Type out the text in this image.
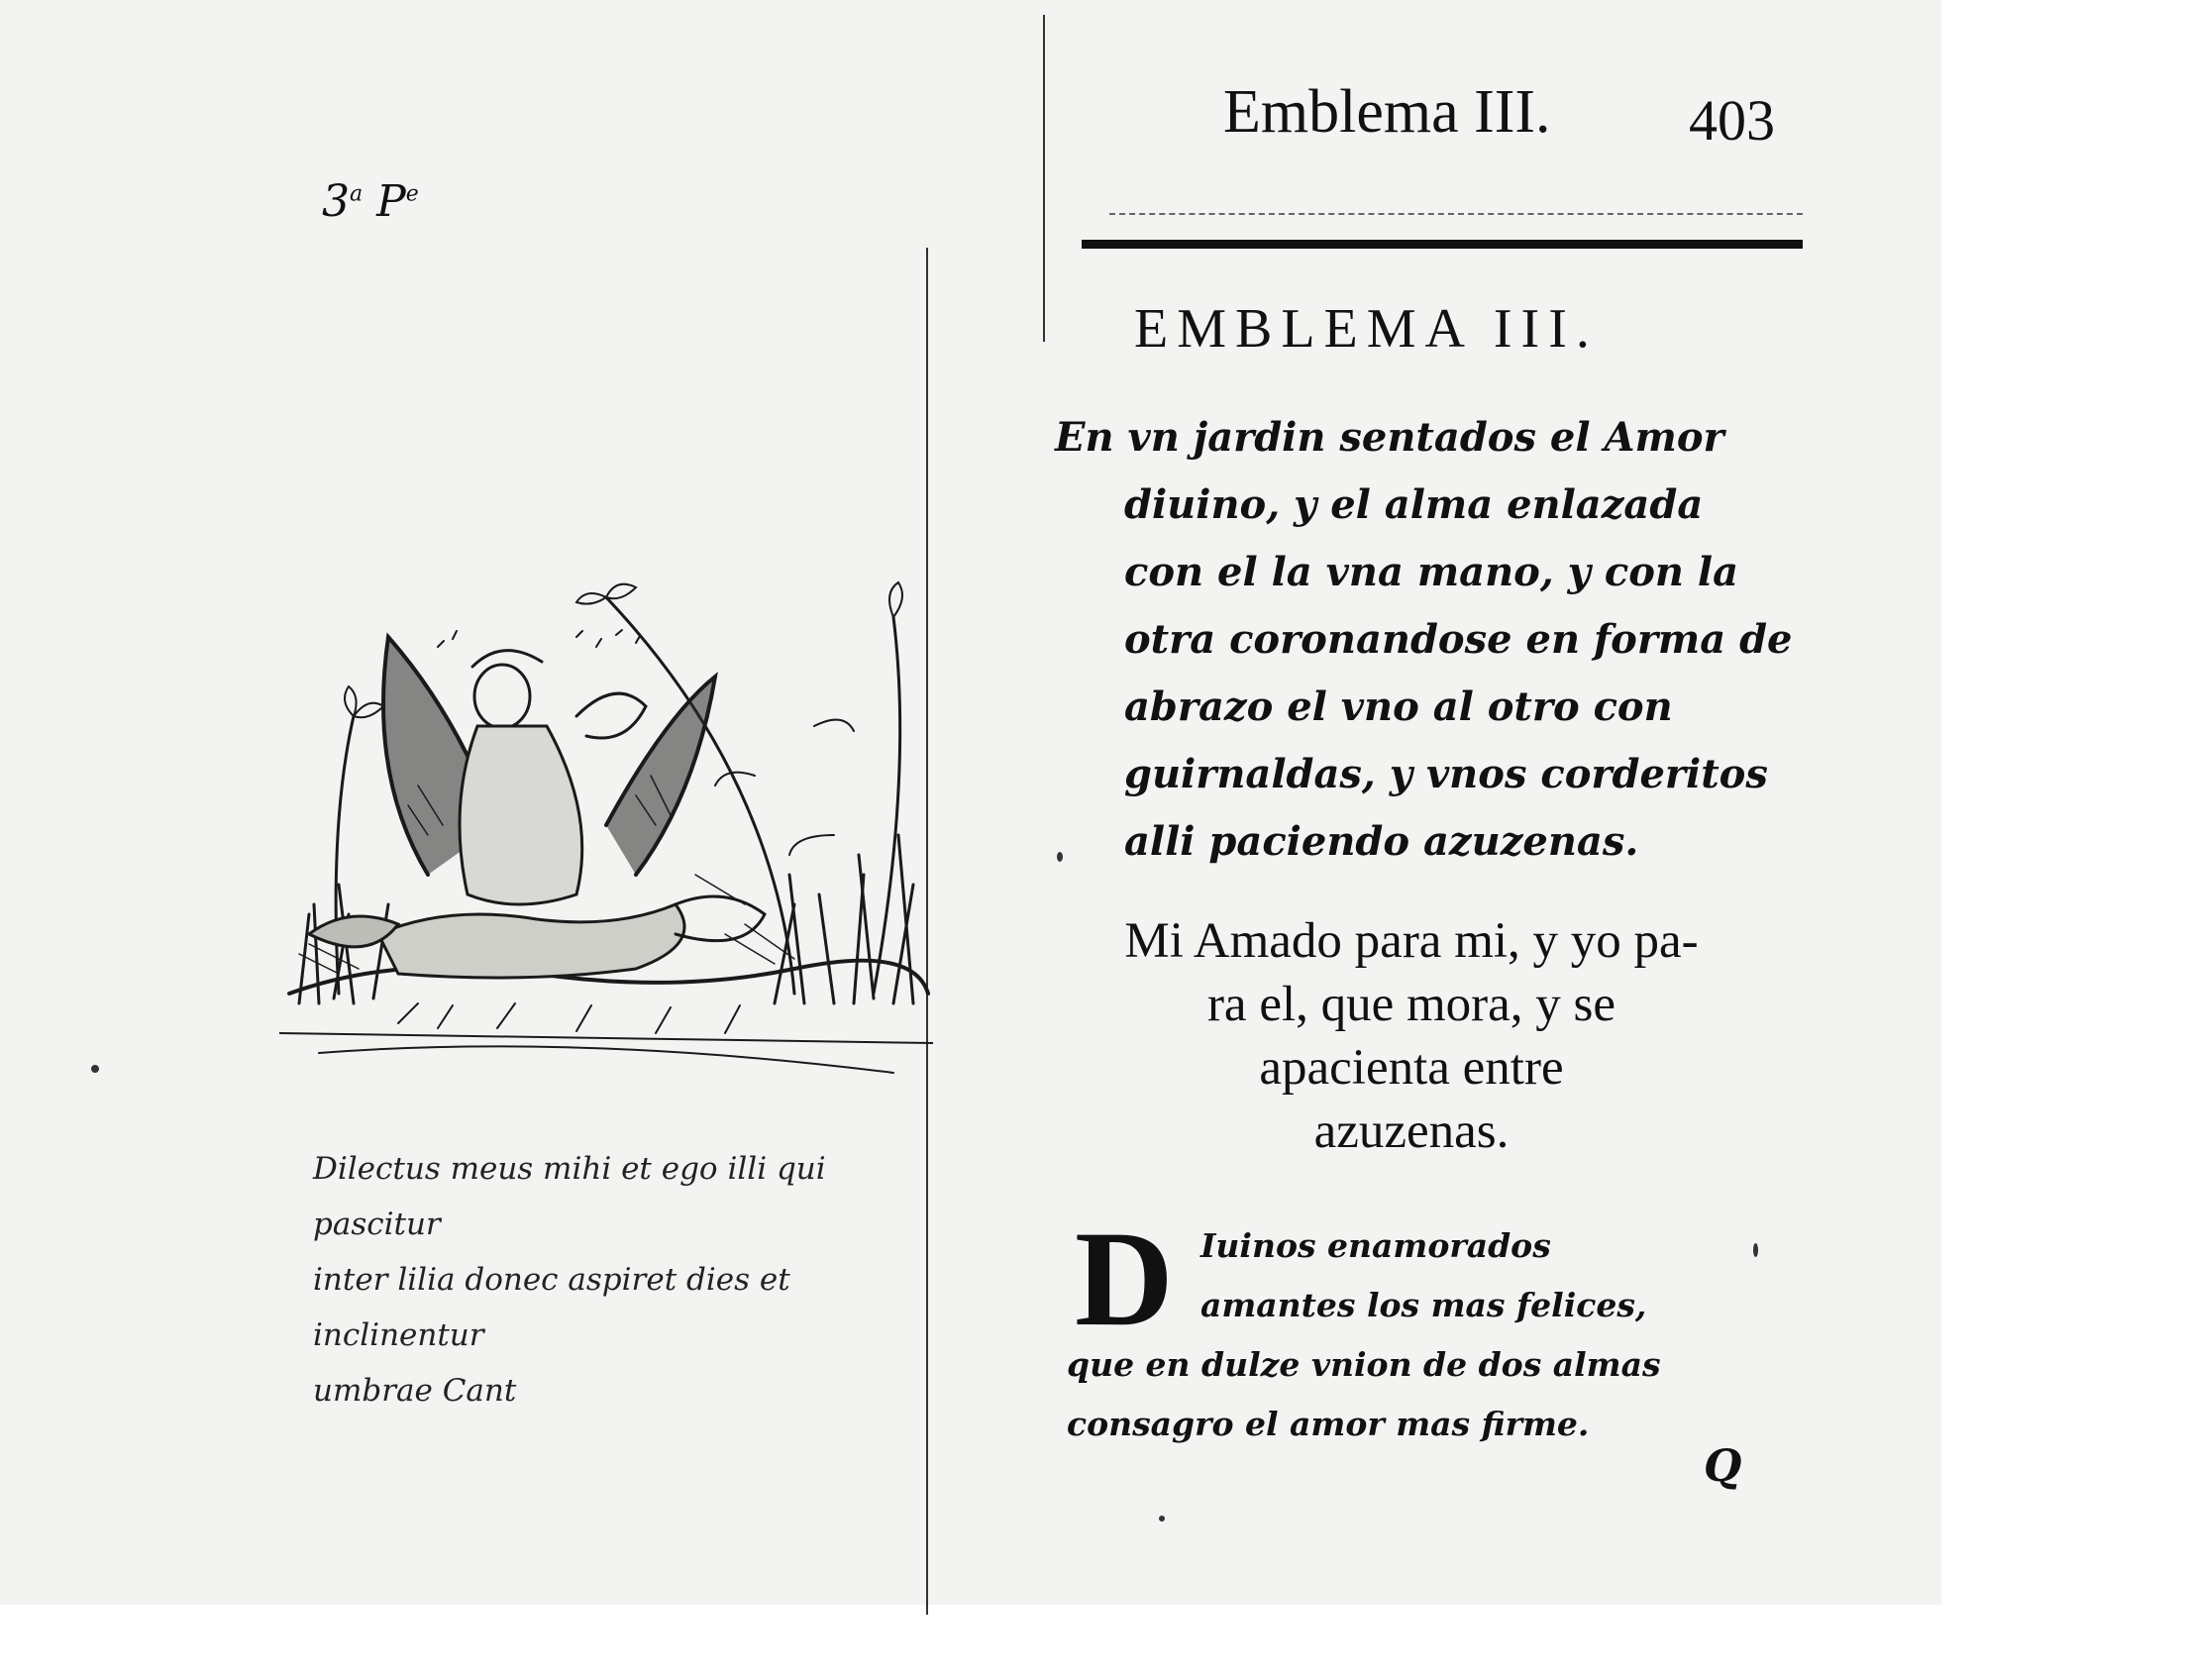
3$^a$ $P^e$
Dilectus meus mihi et ego illi qui pascitur
inter lilia donec aspiret dies et inclinentur
umbrae Cant
Emblema III. 403
EMBLEMA III.
En vn jardin sentados el Amor
diuino, y el alma enlazada
con el la vna mano, y con la
otra coronandose en forma de
abrazo el vno al otro con
guirnaldas, y vnos corderitos
alli paciendo azuzenas.
Mi Amado para mi, y yo pa-
ra el, que mora, y se
apacienta entre
azuzenas.
D Iuinos enamorados
amantes los mas felices,
que en dulze vnion de dos almas
consagro el amor mas firme.
Q
